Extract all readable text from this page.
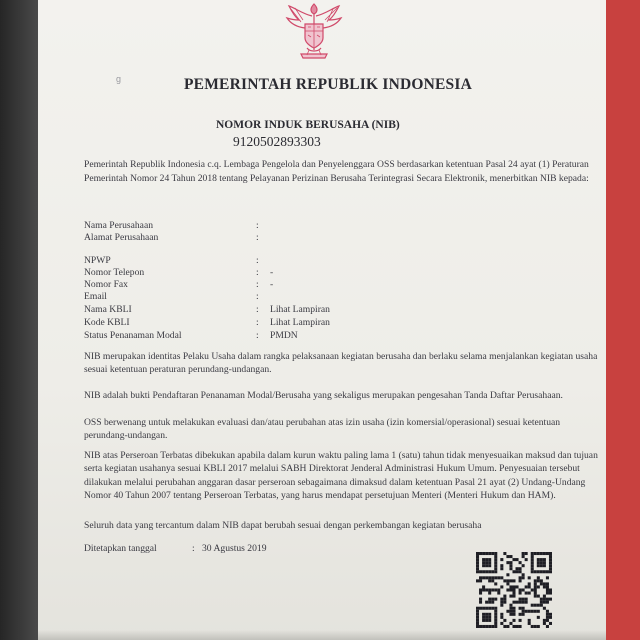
g	PEMERINTAH REPUBLIK INDONESIA
NOMOR INDUK BERUSAHA (NIB)
9120502893303
Pemerintah Republik Indonesia c.q. Lembaga Pengelola dan Penyelenggara OSS berdasarkan ketentuan Pasal 24 ayat (1) Peraturan Pemerintah Nomor 24 Tahun 2018 tentang Pelayanan Perizinan Berusaha Terintegrasi Secara Elektronik, menerbitkan NIB kepada:
Nama Perusahaan	:
Alamat Perusahaan	:
NPWP	:
Nomor Telepon	: -
Nomor Fax	: -
Email	:
Nama KBLI	: Lihat Lampiran
Kode KBLI	: Lihat Lampiran
Status Penanaman Modal	: PMDN
NIB merupakan identitas Pelaku Usaha dalam rangka pelaksanaan kegiatan berusaha dan berlaku selama menjalankan kegiatan usaha sesuai ketentuan peraturan perundang-undangan.
NIB adalah bukti Pendaftaran Penanaman Modal/Berusaha yang sekaligus merupakan pengesahan Tanda Daftar Perusahaan.
OSS berwenang untuk melakukan evaluasi dan/atau perubahan atas izin usaha (izin komersial/operasional) sesuai ketentuan perundang-undangan.
NIB atas Perseroan Terbatas dibekukan apabila dalam kurun waktu paling lama 1 (satu) tahun tidak menyesuaikan maksud dan tujuan serta kegiatan usahanya sesuai KBLI 2017 melalui SABH Direktorat Jenderal Administrasi Hukum Umum. Penyesuaian tersebut dilakukan melalui perubahan anggaran dasar perseroan sebagaimana dimaksud dalam ketentuan Pasal 21 ayat (2) Undang-Undang Nomor 40 Tahun 2007 tentang Perseroan Terbatas, yang harus mendapat persetujuan Menteri (Menteri Hukum dan HAM).
Seluruh data yang tercantum dalam NIB dapat berubah sesuai dengan perkembangan kegiatan berusaha
Ditetapkan tanggal	: 30 Agustus 2019
